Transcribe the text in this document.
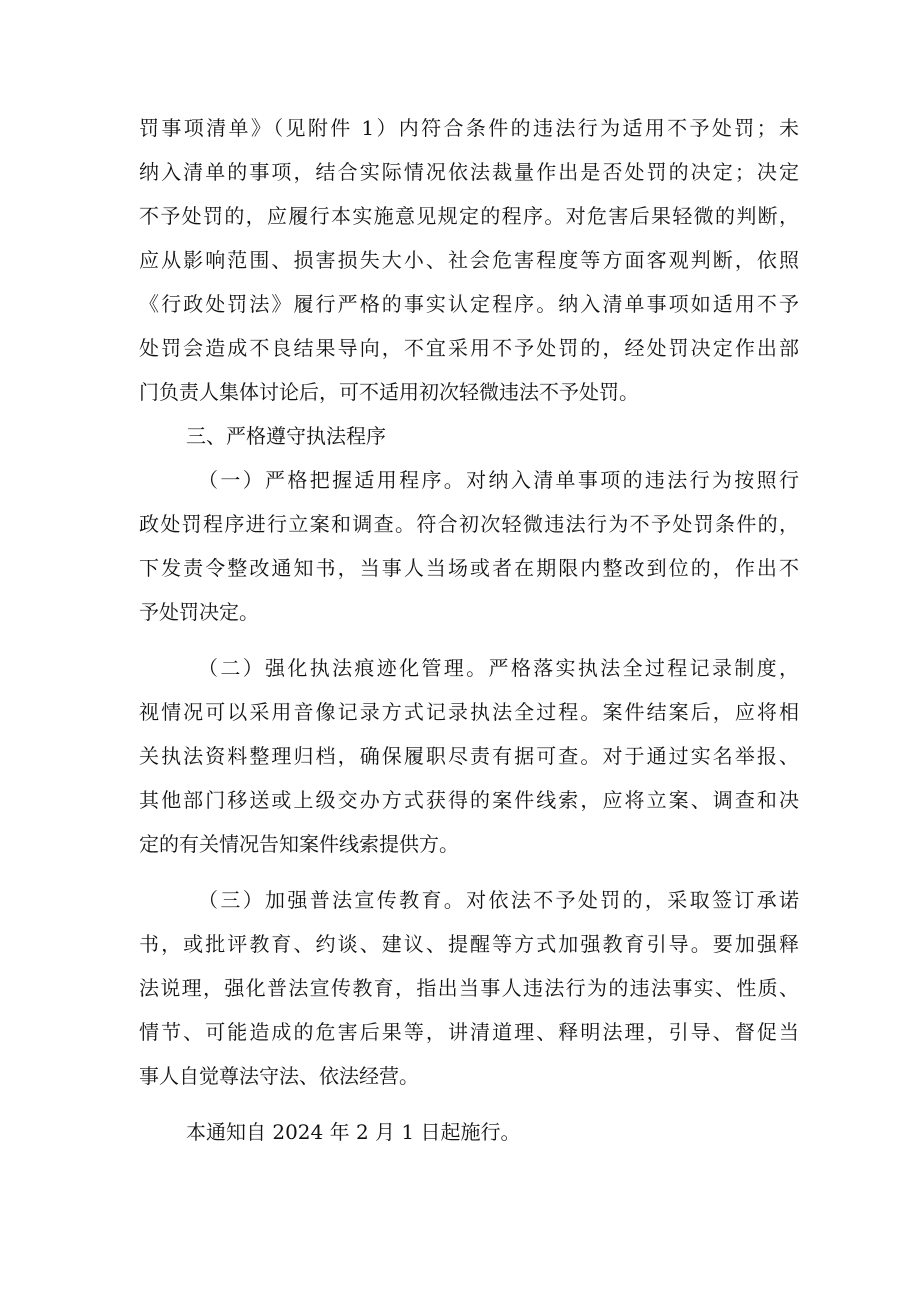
罚事项清单》（见附件 1）内符合条件的违法行为适用不予处罚；未
纳入清单的事项，结合实际情况依法裁量作出是否处罚的决定；决定
不予处罚的，应履行本实施意见规定的程序。对危害后果轻微的判断，
应从影响范围、损害损失大小、社会危害程度等方面客观判断，依照
《行政处罚法》履行严格的事实认定程序。纳入清单事项如适用不予
处罚会造成不良结果导向，不宜采用不予处罚的，经处罚决定作出部
门负责人集体讨论后，可不适用初次轻微违法不予处罚。
三、严格遵守执法程序
（一）严格把握适用程序。对纳入清单事项的违法行为按照行
政处罚程序进行立案和调查。符合初次轻微违法行为不予处罚条件的，
下发责令整改通知书，当事人当场或者在期限内整改到位的，作出不
予处罚决定。
（二）强化执法痕迹化管理。严格落实执法全过程记录制度，
视情况可以采用音像记录方式记录执法全过程。案件结案后，应将相
关执法资料整理归档，确保履职尽责有据可查。对于通过实名举报、
其他部门移送或上级交办方式获得的案件线索，应将立案、调查和决
定的有关情况告知案件线索提供方。
（三）加强普法宣传教育。对依法不予处罚的，采取签订承诺
书，或批评教育、约谈、建议、提醒等方式加强教育引导。要加强释
法说理，强化普法宣传教育，指出当事人违法行为的违法事实、性质、
情节、可能造成的危害后果等，讲清道理、释明法理，引导、督促当
事人自觉尊法守法、依法经营。
本通知自 2024 年 2 月 1 日起施行。
